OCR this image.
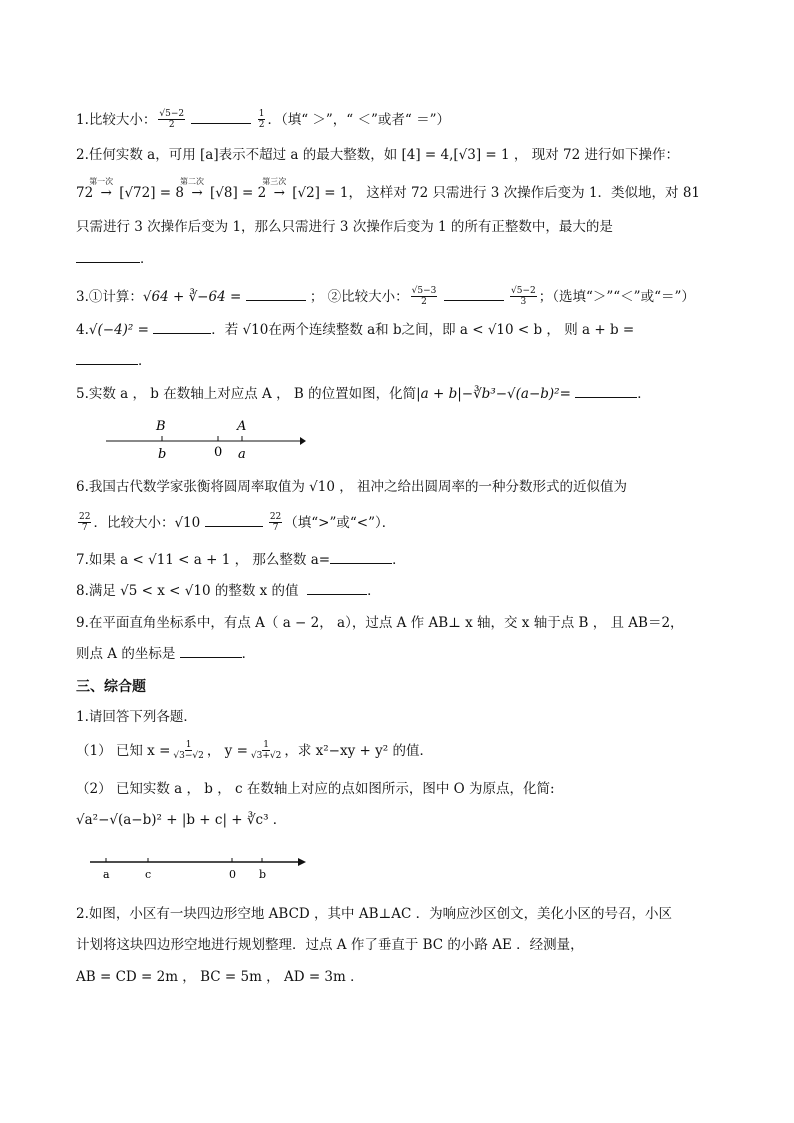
1.比较大小： $\frac{√5-2}{2}$
	$\frac{1}{2}$ ．（填“ ＞”，“ ＜”或者“ ＝”）
2.任何实数 a，可用 [a]表示不超过 a 的最大整数，如 [4] = 4,[√3] = 1 ， 现对 72 进行如下操作：
72
第一次
→ [√72] = 8
第二次
→ [√8] = 2
第三次
→ [√2] = 1， 这样对 72 只需进行 3 次操作后变为 1．类似地，对 81
只需进行 3 次操作后变为 1，那么只需进行 3 次操作后变为 1 的所有正整数中，最大的是
．
3.①计算：√64 + ∛−64 =	； ②比较大小： $\frac{√5-3}{2}$
	$\frac{√5-2}{3}$ ；（选填“＞”“＜”或“＝”）
4.√(−4)² =	．若 √10在两个连续整数 a和 b之间，即 a < √10 < b ， 则 a + b =
．
5.实数 a ， b 在数轴上对应点 A ， B 的位置如图，化简|a + b|−∛b³−√(a−b)²=	．
B	A
b	0 a
6.我国古代数学家张衡将圆周率取值为 √10 ， 祖冲之给出圆周率的一种分数形式的近似值为
$\frac{22}{7}$ ．比较大小：√10	$\frac{22}{7}$ （填“>”或“<”）．
7.如果 a < √11 < a + 1 ， 那么整数 a=	．
8.满足 √5 < x < √10 的整数 x 的值	．
9.在平面直角坐标系中，有点 A（ a − 2， a），过点 A 作 AB⊥ x 轴，交 x 轴于点 B ， 且 AB＝2，
则点 A 的坐标是	．
三、综合题
1.请回答下列各题．
（1） 已知 $x = \frac{1}{√3-√2}$ ， $y = \frac{1}{√3+√2}$ ，求 x²−xy + y² 的值．
（2） 已知实数 a ， b ， c 在数轴上对应的点如图所示，图中 O 为原点，化简:
√a²−√(a−b)² + |b + c| + ∛c³ ．
a	c	0 b
2.如图，小区有一块四边形空地 ABCD ，其中 AB⊥AC ．为响应沙区创文，美化小区的号召，小区
计划将这块四边形空地进行规划整理．过点 A 作了垂直于 BC 的小路 AE ．经测量，
AB = CD = 2m ， BC = 5m ， AD = 3m ．
